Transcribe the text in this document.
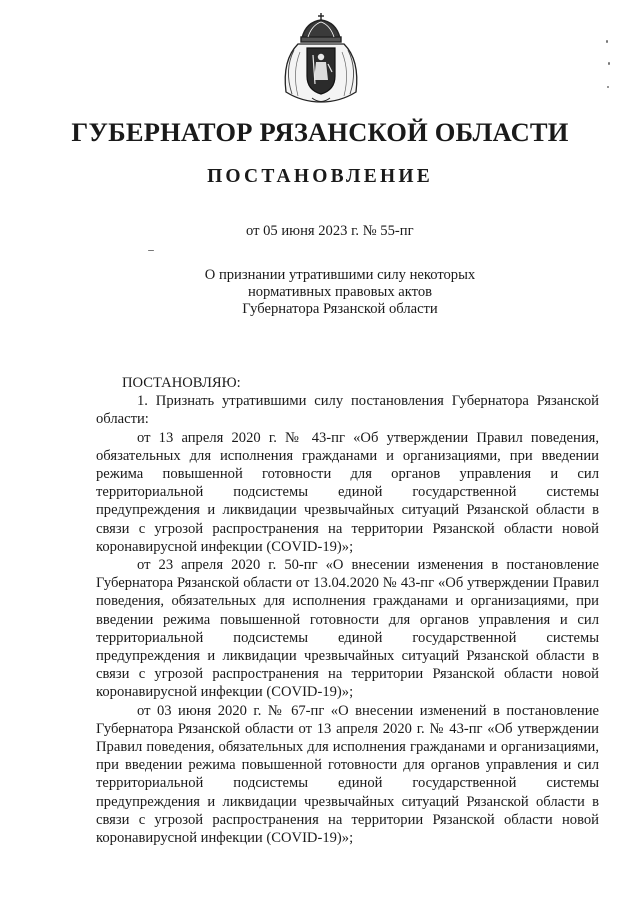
ГУБЕРНАТОР РЯЗАНСКОЙ ОБЛАСТИ
ПОСТАНОВЛЕНИЕ
от 05 июня 2023 г. № 55-пг
О признании утратившими силу некоторых
нормативных правовых актов
Губернатора Рязанской области

ПОСТАНОВЛЯЮ:

1. Признать утратившими силу постановления Губернатора Рязанской области:

от 13 апреля 2020 г. № 43-пг «Об утверждении Правил поведения, обязательных для исполнения гражданами и организациями, при введении режима повышенной готовности для органов управления и сил территориальной подсистемы единой государственной системы предупреждения и ликвидации чрезвычайных ситуаций Рязанской области в связи с угрозой распространения на территории Рязанской области новой коронавирусной инфекции (COVID-19)»;

от 23 апреля 2020 г. 50-пг «О внесении изменения в постановление Губернатора Рязанской области от 13.04.2020 № 43-пг «Об утверждении Правил поведения, обязательных для исполнения гражданами и организациями, при введении режима повышенной готовности для органов управления и сил территориальной подсистемы единой государственной системы предупреждения и ликвидации чрезвычайных ситуаций Рязанской области в связи с угрозой распространения на территории Рязанской области новой коронавирусной инфекции (COVID-19)»;

от 03 июня 2020 г. № 67-пг «О внесении изменений в постановление Губернатора Рязанской области от 13 апреля 2020 г. № 43-пг «Об утверждении Правил поведения, обязательных для исполнения гражданами и организациями, при введении режима повышенной готовности для органов управления и сил территориальной подсистемы единой государственной системы предупреждения и ликвидации чрезвычайных ситуаций Рязанской области в связи с угрозой распространения на территории Рязанской области новой коронавирусной инфекции (COVID-19)»;
